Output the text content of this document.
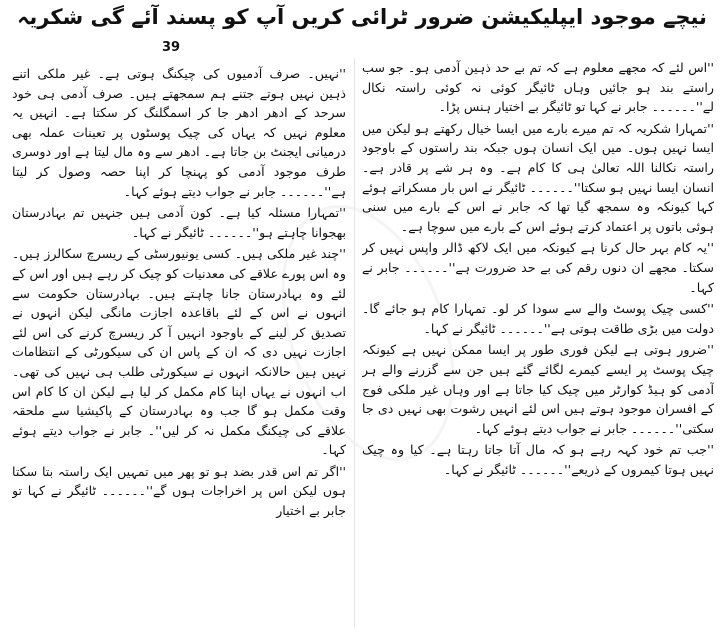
نیچے موجود ایپلیکیشن ضرور ٹرائی کریں آپ کو پسند آئے گی شکریہ
39

''اس لئے کہ مجھے معلوم ہے کہ تم بے حد ذہین آدمی ہو۔ جو سب راستے بند ہو جائیں وہاں ٹائیگر کوئی نہ کوئی راستہ نکال لے''۔۔۔۔۔۔ جابر نے کہا تو ٹائیگر بے اختیار ہنس پڑا۔

''تمہارا شکریہ کہ تم میرے بارے میں ایسا خیال رکھتے ہو لیکن میں ایسا نہیں ہوں۔ میں ایک انسان ہوں جبکہ بند راستوں کے باوجود راستہ نکالنا اللہ تعالیٰ ہی کا کام ہے۔ وہ ہر شے پر قادر ہے۔ انسان ایسا نہیں ہو سکتا''۔۔۔۔۔۔ ٹائیگر نے اس بار مسکراتے ہوئے کہا کیونکہ وہ سمجھ گیا تھا کہ جابر نے اس کے بارے میں سنی ہوئی باتوں پر اعتماد کرتے ہوئے اس کے بارے میں سوچا ہے۔

''یہ کام بہر حال کرنا ہے کیونکہ میں ایک لاکھ ڈالر واپس نہیں کر سکتا۔ مجھے ان دنوں رقم کی بے حد ضرورت ہے''۔۔۔۔۔۔ جابر نے کہا۔

''کسی چیک پوسٹ والے سے سودا کر لو۔ تمہارا کام ہو جائے گا۔ دولت میں بڑی طاقت ہوتی ہے''۔۔۔۔۔۔ ٹائیگر نے کہا۔

''ضرور ہوتی ہے لیکن فوری طور پر ایسا ممکن نہیں ہے کیونکہ چیک پوسٹ پر ایسے کیمرے لگائے گئے ہیں جن سے گزرنے والے ہر آدمی کو ہیڈ کوارٹر میں چیک کیا جاتا ہے اور وہاں غیر ملکی فوج کے افسران موجود ہوتے ہیں اس لئے انہیں رشوت بھی نہیں دی جا سکتی''۔۔۔۔۔۔ جابر نے جواب دیتے ہوئے کہا۔

''جب تم خود کہہ رہے ہو کہ مال آتا جاتا رہتا ہے۔ کیا وہ چیک نہیں ہوتا کیمروں کے ذریعے''۔۔۔۔۔۔ ٹائیگر نے کہا۔

''نہیں۔ صرف آدمیوں کی چیکنگ ہوتی ہے۔ غیر ملکی اتنے ذہین نہیں ہوتے جتنے ہم سمجھتے ہیں۔ صرف آدمی ہی خود سرحد کے ادھر ادھر جا کر اسمگلنگ کر سکتا ہے۔ انہیں یہ معلوم نہیں کہ یہاں کی چیک پوسٹوں پر تعینات عملہ بھی درمیانی ایجنٹ بن جاتا ہے۔ ادھر سے وہ مال لیتا ہے اور دوسری طرف موجود آدمی کو پہنچا کر اپنا حصہ وصول کر لیتا ہے''۔۔۔۔۔۔ جابر نے جواب دیتے ہوئے کہا۔

''تمہارا مسئلہ کیا ہے۔ کون آدمی ہیں جنہیں تم بہادرستان بھجوانا چاہتے ہو''۔۔۔۔۔۔ ٹائیگر نے کہا۔

''چند غیر ملکی ہیں۔ کسی یونیورسٹی کے ریسرچ سکالرز ہیں۔ وہ اس پورے علاقے کی معدنیات کو چیک کر رہے ہیں اور اس کے لئے وہ بہادرستان جانا چاہتے ہیں۔ بہادرستان حکومت سے انہوں نے اس کے لئے باقاعدہ اجازت مانگی لیکن انہوں نے تصدیق کر لینے کے باوجود انہیں آ کر ریسرچ کرنے کی اس لئے اجازت نہیں دی کہ ان کے پاس ان کی سیکورٹی کے انتظامات نہیں ہیں حالانکہ انہوں نے سیکورٹی طلب ہی نہیں کی تھی۔ اب انہوں نے یہاں اپنا کام مکمل کر لیا ہے لیکن ان کا کام اس وقت مکمل ہو گا جب وہ بہادرستان کے پاکیشیا سے ملحقہ علاقے کی چیکنگ مکمل نہ کر لیں''۔ جابر نے جواب دیتے ہوئے کہا۔

''اگر تم اس قدر بضد ہو تو پھر میں تمہیں ایک راستہ بتا سکتا ہوں لیکن اس پر اخراجات ہوں گے''۔۔۔۔۔۔ ٹائیگر نے کہا تو جابر بے اختیار
